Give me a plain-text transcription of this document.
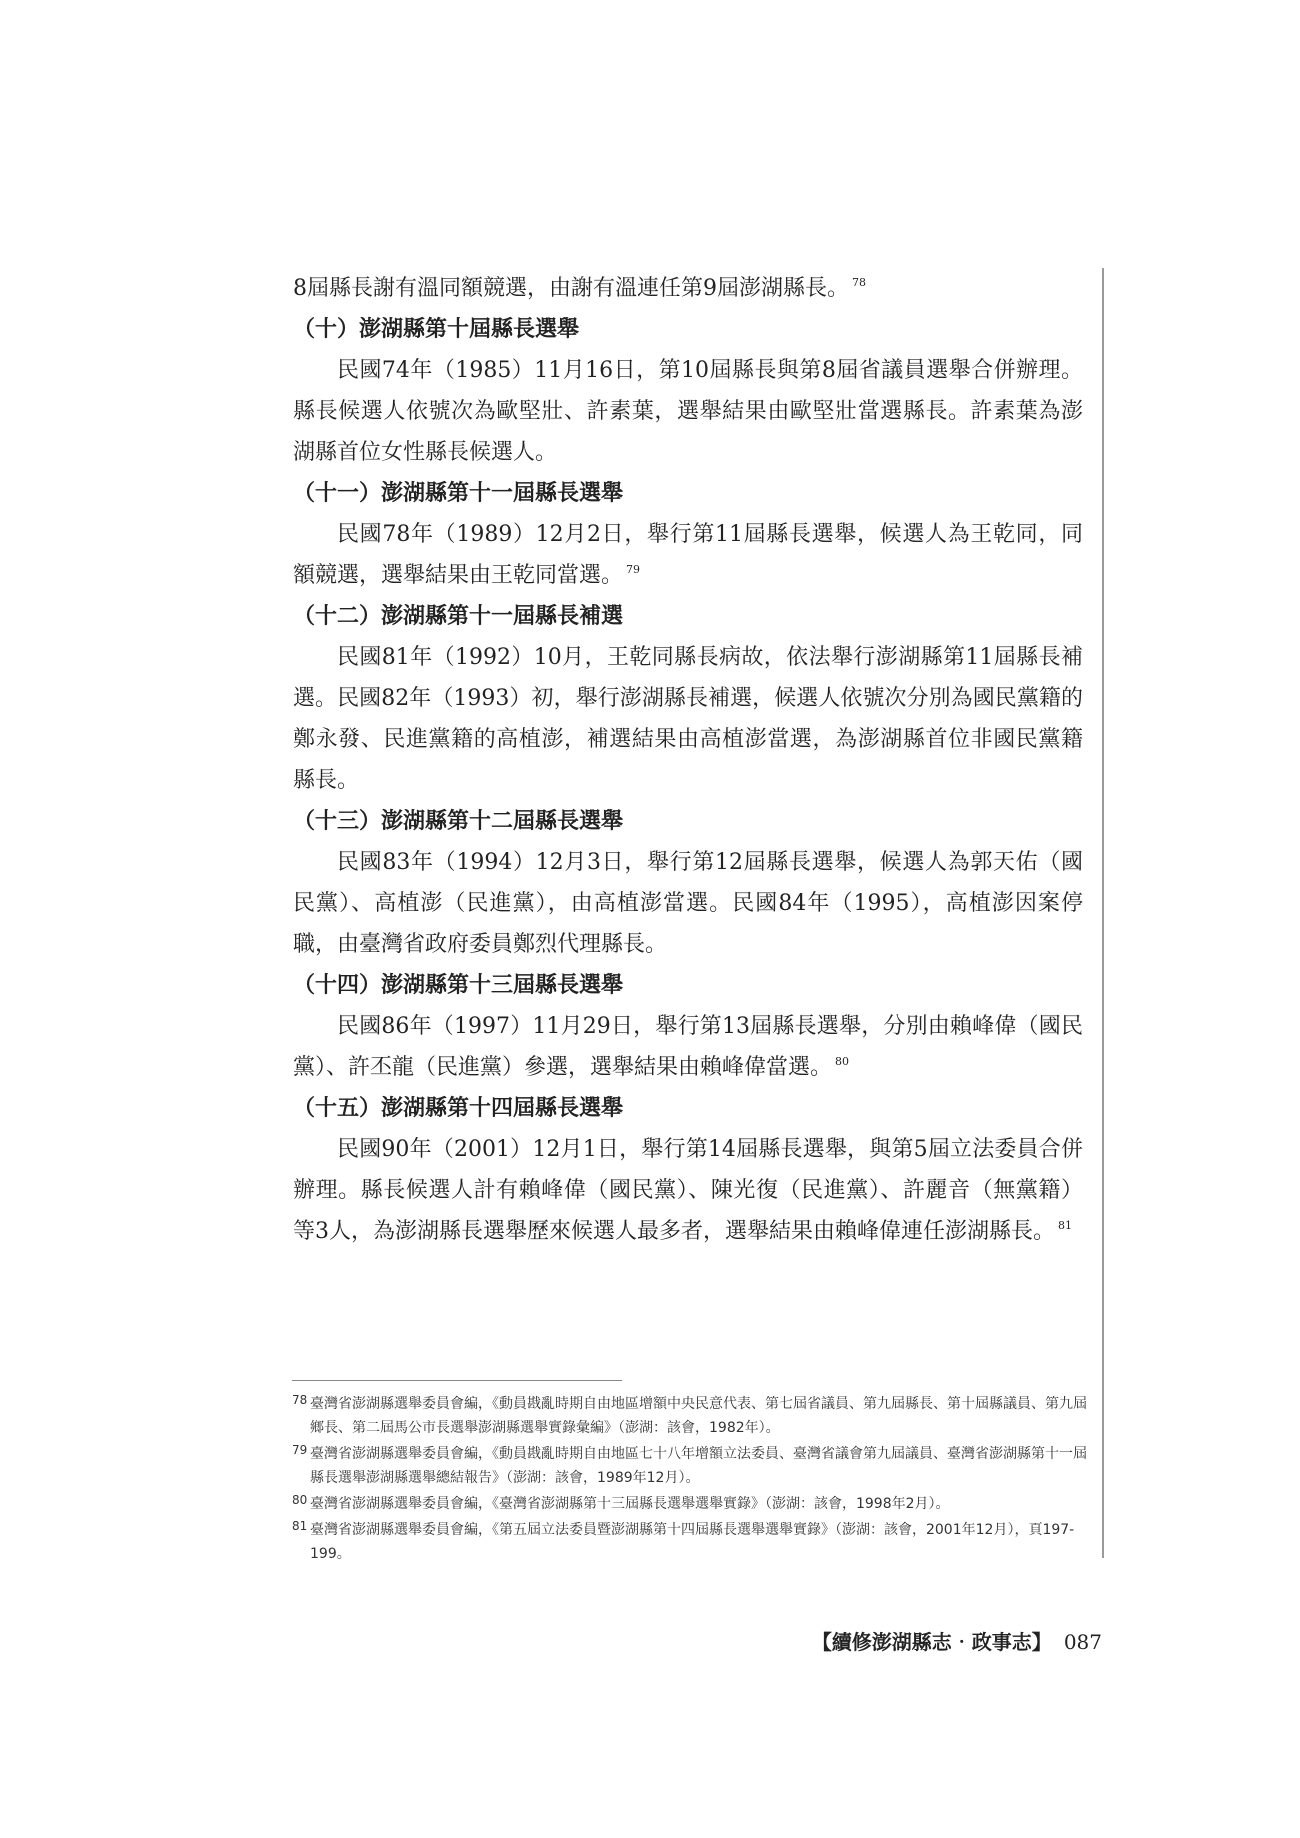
8屆縣長謝有溫同額競選，由謝有溫連任第9屆澎湖縣長。 $^{78}$

（十）澎湖縣第十屆縣長選舉

民國74年（1985）11月16日，第10屆縣長與第8屆省議員選舉合併辦理。縣長候選人依號次為歐堅壯、許素葉，選舉結果由歐堅壯當選縣長。許素葉為澎湖縣首位女性縣長候選人。

（十一）澎湖縣第十一屆縣長選舉

民國78年（1989）12月2日，舉行第11屆縣長選舉，候選人為王乾同，同額競選，選舉結果由王乾同當選。 $^{79}$

（十二）澎湖縣第十一屆縣長補選

民國81年（1992）10月，王乾同縣長病故，依法舉行澎湖縣第11屆縣長補選。民國82年（1993）初，舉行澎湖縣長補選，候選人依號次分別為國民黨籍的鄭永發、民進黨籍的高植澎，補選結果由高植澎當選，為澎湖縣首位非國民黨籍縣長。

（十三）澎湖縣第十二屆縣長選舉

民國83年（1994）12月3日，舉行第12屆縣長選舉，候選人為郭天佑（國民黨）、高植澎（民進黨），由高植澎當選。民國84年（1995），高植澎因案停職，由臺灣省政府委員鄭烈代理縣長。

（十四）澎湖縣第十三屆縣長選舉

民國86年（1997）11月29日，舉行第13屆縣長選舉，分別由賴峰偉（國民黨）、許丕龍（民進黨）參選，選舉結果由賴峰偉當選。 $^{80}$

（十五）澎湖縣第十四屆縣長選舉

民國90年（2001）12月1日，舉行第14屆縣長選舉，與第5屆立法委員合併辦理。縣長候選人計有賴峰偉（國民黨）、陳光復（民進黨）、許麗音（無黨籍）等3人，為澎湖縣長選舉歷來候選人最多者，選舉結果由賴峰偉連任澎湖縣長。 $^{81}$

78 臺灣省澎湖縣選舉委員會編，《動員戡亂時期自由地區增額中央民意代表、第七屆省議員、第九屆縣長、第十屆縣議員、第九屆鄉長、第二屆馬公市長選舉澎湖縣選舉實錄彙編》（澎湖：該會，1982年）。

79 臺灣省澎湖縣選舉委員會編，《動員戡亂時期自由地區七十八年增額立法委員、臺灣省議會第九屆議員、臺灣省澎湖縣第十一屆縣長選舉澎湖縣選舉總結報告》（澎湖：該會，1989年12月）。

80 臺灣省澎湖縣選舉委員會編，《臺灣省澎湖縣第十三屆縣長選舉選舉實錄》（澎湖：該會，1998年2月）。

81 臺灣省澎湖縣選舉委員會編，《第五屆立法委員暨澎湖縣第十四屆縣長選舉選舉實錄》（澎湖：該會，2001年12月），頁197-199。

【續修澎湖縣志‧政事志】 087
